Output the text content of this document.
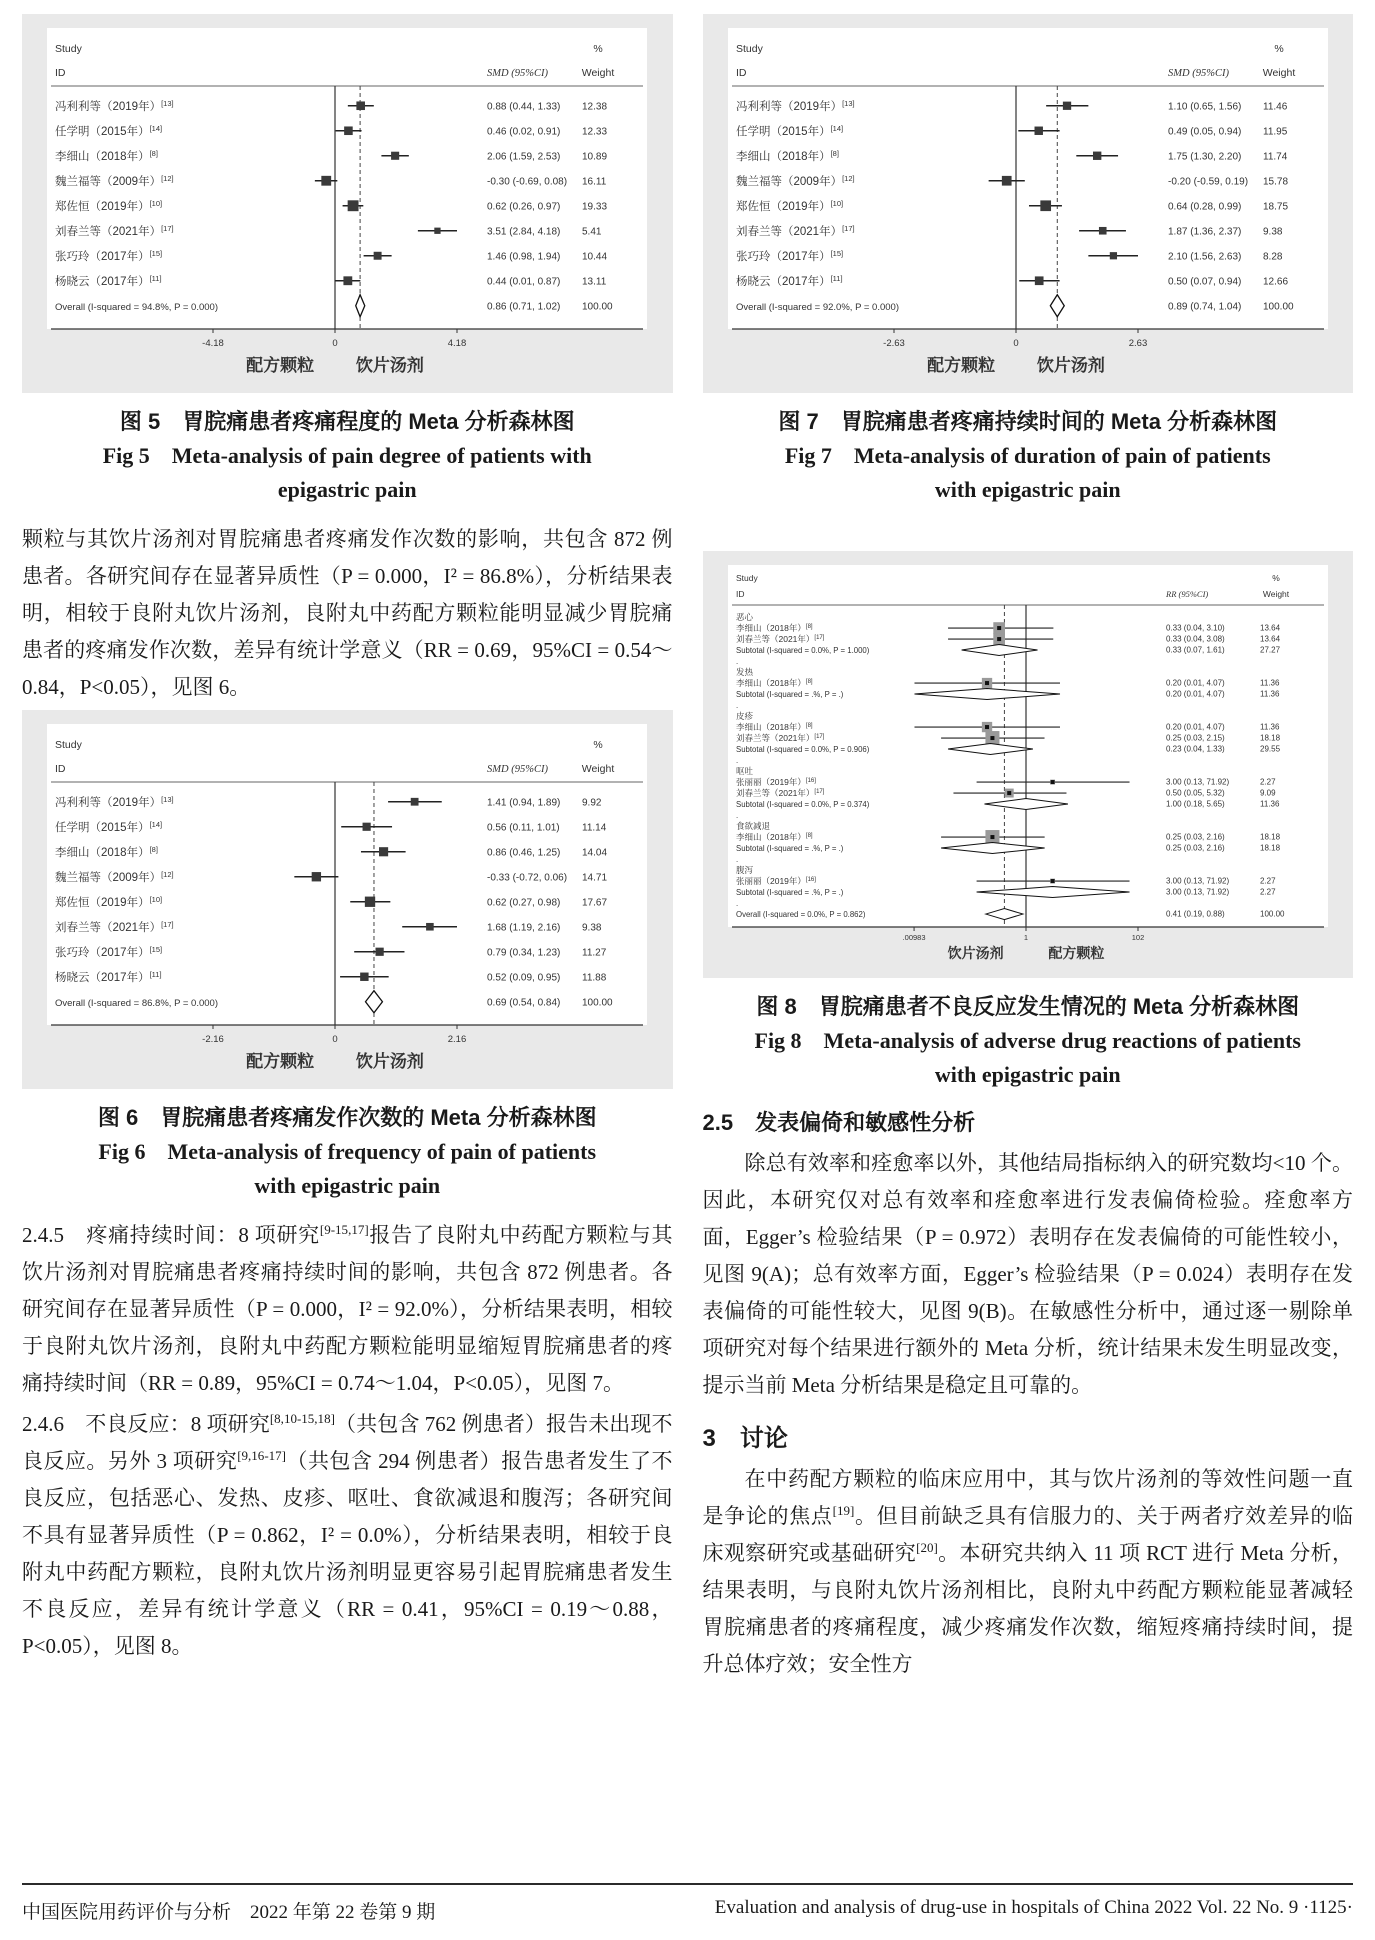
Study
ID
%
Weight
SMD (95%CI)
冯利利等（2019年）[13]	0.88 (0.44, 1.33) 12.38
任学明（2015年）[14]	0.46 (0.02, 0.91) 12.33
李细山（2018年）[8]	2.06 (1.59, 2.53) 10.89
魏兰福等（2009年）[12]	-0.30 (-0.69, 0.08) 16.11
郑佐恒（2019年）[10]	0.62 (0.26, 0.97) 19.33
刘春兰等（2021年）[17]	3.51 (2.84, 4.18) 5.41
张巧玲（2017年）[15]	1.46 (0.98, 1.94) 10.44
杨晓云（2017年）[11]	0.44 (0.01, 0.87) 13.11
Overall (I-squared = 94.8%, P = 0.000)	0.86 (0.71, 1.02) 100.00
-4.18	0	4.18
配方颗粒 饮片汤剂
图 5　胃脘痛患者疼痛程度的 Meta 分析森林图
Fig 5　Meta-analysis of pain degree of patients with
epigastric pain

颗粒与其饮片汤剂对胃脘痛患者疼痛发作次数的影响，共包含 872 例患者。各研究间存在显著异质性（P = 0.000，I² = 86.8%），分析结果表明，相较于良附丸饮片汤剂，良附丸中药配方颗粒能明显减少胃脘痛患者的疼痛发作次数，差异有统计学意义（RR = 0.69，95%CI = 0.54～0.84，P<0.05），见图 6。

Study
ID
%
Weight
SMD (95%CI)
冯利利等（2019年）[13]	1.41 (0.94, 1.89) 9.92
任学明（2015年）[14]	0.56 (0.11, 1.01) 11.14
李细山（2018年）[8]	0.86 (0.46, 1.25) 14.04
魏兰福等（2009年）[12]	-0.33 (-0.72, 0.06) 14.71
郑佐恒（2019年）[10]	0.62 (0.27, 0.98) 17.67
刘春兰等（2021年）[17]	1.68 (1.19, 2.16) 9.38
张巧玲（2017年）[15]	0.79 (0.34, 1.23) 11.27
杨晓云（2017年）[11]	0.52 (0.09, 0.95) 11.88
Overall (I-squared = 86.8%, P = 0.000)	0.69 (0.54, 0.84) 100.00
-2.16	0	2.16
配方颗粒 饮片汤剂
图 6　胃脘痛患者疼痛发作次数的 Meta 分析森林图
Fig 6　Meta-analysis of frequency of pain of patients
with epigastric pain

2.4.5　疼痛持续时间：8 项研究[9-15,17]报告了良附丸中药配方颗粒与其饮片汤剂对胃脘痛患者疼痛持续时间的影响，共包含 872 例患者。各研究间存在显著异质性（P = 0.000，I² = 92.0%），分析结果表明，相较于良附丸饮片汤剂，良附丸中药配方颗粒能明显缩短胃脘痛患者的疼痛持续时间（RR = 0.89，95%CI = 0.74～1.04，P<0.05），见图 7。

2.4.6　不良反应：8 项研究[8,10-15,18]（共包含 762 例患者）报告未出现不良反应。另外 3 项研究[9,16-17]（共包含 294 例患者）报告患者发生了不良反应，包括恶心、发热、皮疹、呕吐、食欲减退和腹泻；各研究间不具有显著异质性（P = 0.862，I² = 0.0%），分析结果表明，相较于良附丸中药配方颗粒，良附丸饮片汤剂明显更容易引起胃脘痛患者发生不良反应，差异有统计学意义（RR = 0.41，95%CI = 0.19～0.88，P<0.05），见图 8。

Study
ID
%
Weight
SMD (95%CI)
冯利利等（2019年）[13]	1.10 (0.65, 1.56) 11.46
任学明（2015年）[14]	0.49 (0.05, 0.94) 11.95
李细山（2018年）[8]	1.75 (1.30, 2.20) 11.74
魏兰福等（2009年）[12]	-0.20 (-0.59, 0.19) 15.78
郑佐恒（2019年）[10]	0.64 (0.28, 0.99) 18.75
刘春兰等（2021年）[17]	1.87 (1.36, 2.37) 9.38
张巧玲（2017年）[15]	2.10 (1.56, 2.63) 8.28
杨晓云（2017年）[11]	0.50 (0.07, 0.94) 12.66
Overall (I-squared = 92.0%, P = 0.000)	0.89 (0.74, 1.04) 100.00
-2.63	0	2.63
配方颗粒 饮片汤剂
图 7　胃脘痛患者疼痛持续时间的 Meta 分析森林图
Fig 7　Meta-analysis of duration of pain of patients
with epigastric pain
Study
ID
%
Weight
RR (95%CI)
恶心
李细山（2018年）[8]	0.33 (0.04, 3.10)	13.64
刘春兰等（2021年）[17]	0.33 (0.04, 3.08)	13.64
Subtotal (I-squared = 0.0%, P = 1.000)	0.33 (0.07, 1.61)	27.27
.
发热
李细山（2018年）[8]	0.20 (0.01, 4.07)	11.36
Subtotal (I-squared = .%, P = .)	0.20 (0.01, 4.07)	11.36
.
皮疹
李细山（2018年）[8]	0.20 (0.01, 4.07)	11.36
刘春兰等（2021年）[17]	0.25 (0.03, 2.15)	18.18
Subtotal (I-squared = 0.0%, P = 0.906)	0.23 (0.04, 1.33)	29.55
.
呕吐
张丽丽（2019年）[16]	3.00 (0.13, 71.92)	2.27
刘春兰等（2021年）[17]	0.50 (0.05, 5.32)	9.09
Subtotal (I-squared = 0.0%, P = 0.374)	1.00 (0.18, 5.65)	11.36
.
食欲减退
李细山（2018年）[8]	0.25 (0.03, 2.16)	18.18
Subtotal (I-squared = .%, P = .)	0.25 (0.03, 2.16)	18.18
.
腹泻
张丽丽（2019年）[16]	3.00 (0.13, 71.92)	2.27
Subtotal (I-squared = .%, P = .)	3.00 (0.13, 71.92)	2.27
.
Overall (I-squared = 0.0%, P = 0.862)	0.41 (0.19, 0.88)	100.00
.00983	1	102
饮片汤剂	配方颗粒
图 8　胃脘痛患者不良反应发生情况的 Meta 分析森林图
Fig 8　Meta-analysis of adverse drug reactions of patients
with epigastric pain
2.5　发表偏倚和敏感性分析

除总有效率和痊愈率以外，其他结局指标纳入的研究数均<10 个。因此，本研究仅对总有效率和痊愈率进行发表偏倚检验。痊愈率方面，Egger’s 检验结果（P = 0.972）表明存在发表偏倚的可能性较小，见图 9(A)；总有效率方面，Egger’s 检验结果（P = 0.024）表明存在发表偏倚的可能性较大，见图 9(B)。在敏感性分析中，通过逐一剔除单项研究对每个结果进行额外的 Meta 分析，统计结果未发生明显改变，提示当前 Meta 分析结果是稳定且可靠的。

3　讨论

在中药配方颗粒的临床应用中，其与饮片汤剂的等效性问题一直是争论的焦点[19]。但目前缺乏具有信服力的、关于两者疗效差异的临床观察研究或基础研究[20]。本研究共纳入 11 项 RCT 进行 Meta 分析，结果表明，与良附丸饮片汤剂相比，良附丸中药配方颗粒能显著减轻胃脘痛患者的疼痛程度，减少疼痛发作次数，缩短疼痛持续时间，提升总体疗效；安全性方

中国医院用药评价与分析　2022 年第 22 卷第 9 期	Evaluation and analysis of drug-use in hospitals of China 2022 Vol. 22 No. 9 ·1125·
